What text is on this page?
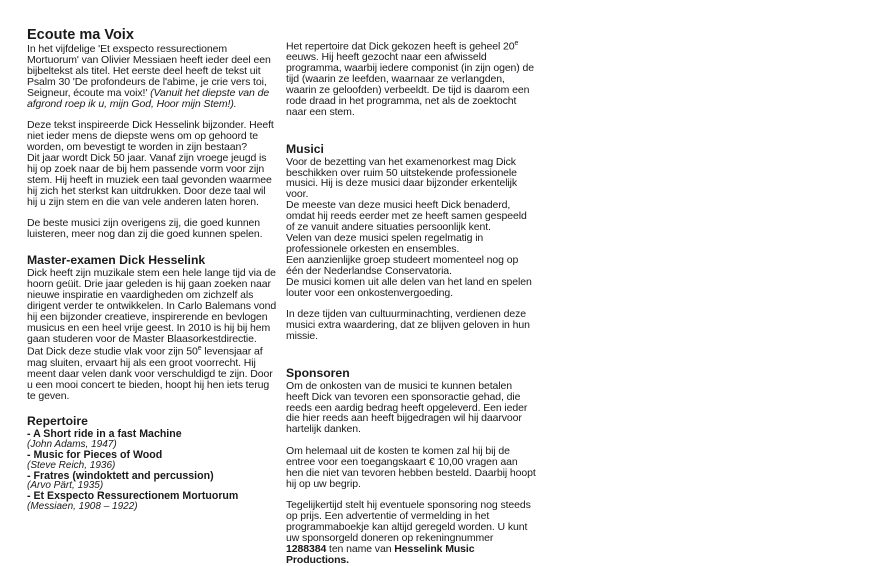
Ecoute ma Voix

In het vijfdelige 'Et exspecto ressurectionem Mortuorum' van Olivier Messiaen heeft ieder deel een bijbeltekst als titel. Het eerste deel heeft de tekst uit Psalm 30 'De profondeurs de l'abime, je crie vers toi, Seigneur, écoute ma voix!' (Vanuit het diepste van de afgrond roep ik u, mijn God, Hoor mijn Stem!).

Deze tekst inspireerde Dick Hesselink bijzonder. Heeft niet ieder mens de diepste wens om op gehoord te worden, om bevestigt te worden in zijn bestaan?

Dit jaar wordt Dick 50 jaar. Vanaf zijn vroege jeugd is hij op zoek naar de bij hem passende vorm voor zijn stem. Hij heeft in muziek een taal gevonden waarmee hij zich het sterkst kan uitdrukken. Door deze taal wil hij u zijn stem en die van vele anderen laten horen.

De beste musici zijn overigens zij, die goed kunnen luisteren, meer nog dan zij die goed kunnen spelen.

Master-examen Dick Hesselink

Dick heeft zijn muzikale stem een hele lange tijd via de hoorn geüit. Drie jaar geleden is hij gaan zoeken naar nieuwe inspiratie en vaardigheden om zichzelf als dirigent verder te ontwikkelen. In Carlo Balemans vond hij een bijzonder creatieve, inspirerende en bevlogen musicus en een heel vrije geest. In 2010 is hij bij hem gaan studeren voor de Master Blaasorkestdirectie.

Dat Dick deze studie vlak voor zijn 50e levensjaar af mag sluiten, ervaart hij als een groot voorrecht. Hij meent daar velen dank voor verschuldigd te zijn. Door u een mooi concert te bieden, hoopt hij hen iets terug te geven.

Repertoire
- A Short ride in a fast Machine
(John Adams, 1947)
- Music for Pieces of Wood
(Steve Reich, 1936)
- Fratres (windoktett and percussion)
(Arvo Pärt, 1935)
- Et Exspecto Ressurectionem Mortuorum
(Messiaen, 1908 – 1922)

Het repertoire dat Dick gekozen heeft is geheel 20e eeuws. Hij heeft gezocht naar een afwisseld programma, waarbij iedere componist (in zijn ogen) de tijd (waarin ze leefden, waarnaar ze verlangden, waarin ze geloofden) verbeeldt. De tijd is daarom een rode draad in het programma, net als de zoektocht naar een stem.

Musici

Voor de bezetting van het examenorkest mag Dick beschikken over ruim 50 uitstekende professionele musici. Hij is deze musici daar bijzonder erkentelijk voor.

De meeste van deze musici heeft Dick benaderd, omdat hij reeds eerder met ze heeft samen gespeeld of ze vanuit andere situaties persoonlijk kent.

Velen van deze musici spelen regelmatig in professionele orkesten en ensembles.

Een aanzienlijke groep studeert momenteel nog op één der Nederlandse Conservatoria.

De musici komen uit alle delen van het land en spelen louter voor een onkostenvergoeding.

In deze tijden van cultuurminachting, verdienen deze musici extra waardering, dat ze blijven geloven in hun missie.

Sponsoren

Om de onkosten van de musici te kunnen betalen heeft Dick van tevoren een sponsoractie gehad, die reeds een aardig bedrag heeft opgeleverd. Een ieder die hier reeds aan heeft bijgedragen wil hij daarvoor hartelijk danken.

Om helemaal uit de kosten te komen zal hij bij de entree voor een toegangskaart € 10,00 vragen aan hen die niet van tevoren hebben besteld. Daarbij hoopt hij op uw begrip.

Tegelijkertijd stelt hij eventuele sponsoring nog steeds op prijs. Een advertentie of vermelding in het programmaboekje kan altijd geregeld worden. U kunt uw sponsorgeld doneren op rekeningnummer 1288384 ten name van Hesselink Music Productions.
